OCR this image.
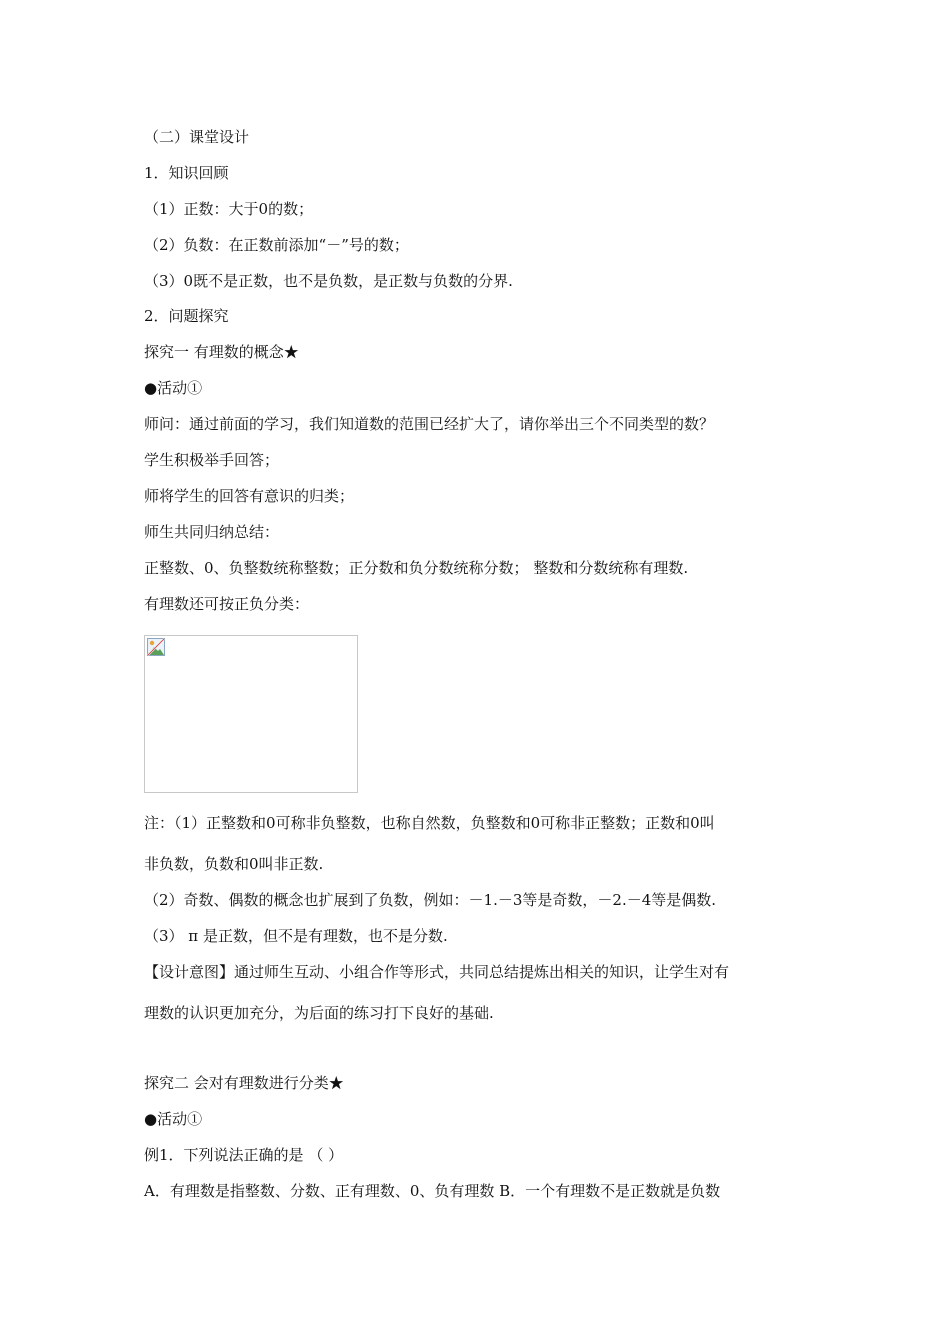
（二）课堂设计
1．知识回顾
（1）正数：大于0的数；
（2）负数：在正数前添加“－”号的数；
（3）0既不是正数，也不是负数，是正数与负数的分界.
2．问题探究
探究一 有理数的概念★
●活动①
师问：通过前面的学习，我们知道数的范围已经扩大了，请你举出三个不同类型的数？
学生积极举手回答；
师将学生的回答有意识的归类；
师生共同归纳总结：
正整数、0、负整数统称整数；正分数和负分数统称分数； 整数和分数统称有理数.
有理数还可按正负分类：
注：（1）正整数和0可称非负整数，也称自然数，负整数和0可称非正整数；正数和0叫
非负数，负数和0叫非正数.
（2）奇数、偶数的概念也扩展到了负数，例如：－1.－3等是奇数，－2.－4等是偶数.
（3） π 是正数，但不是有理数，也不是分数.
【设计意图】通过师生互动、小组合作等形式，共同总结提炼出相关的知识，让学生对有
理数的认识更加充分，为后面的练习打下良好的基础.
探究二 会对有理数进行分类★
●活动①
例1．下列说法正确的是 （ ）
A．有理数是指整数、分数、正有理数、0、负有理数 B．一个有理数不是正数就是负数
